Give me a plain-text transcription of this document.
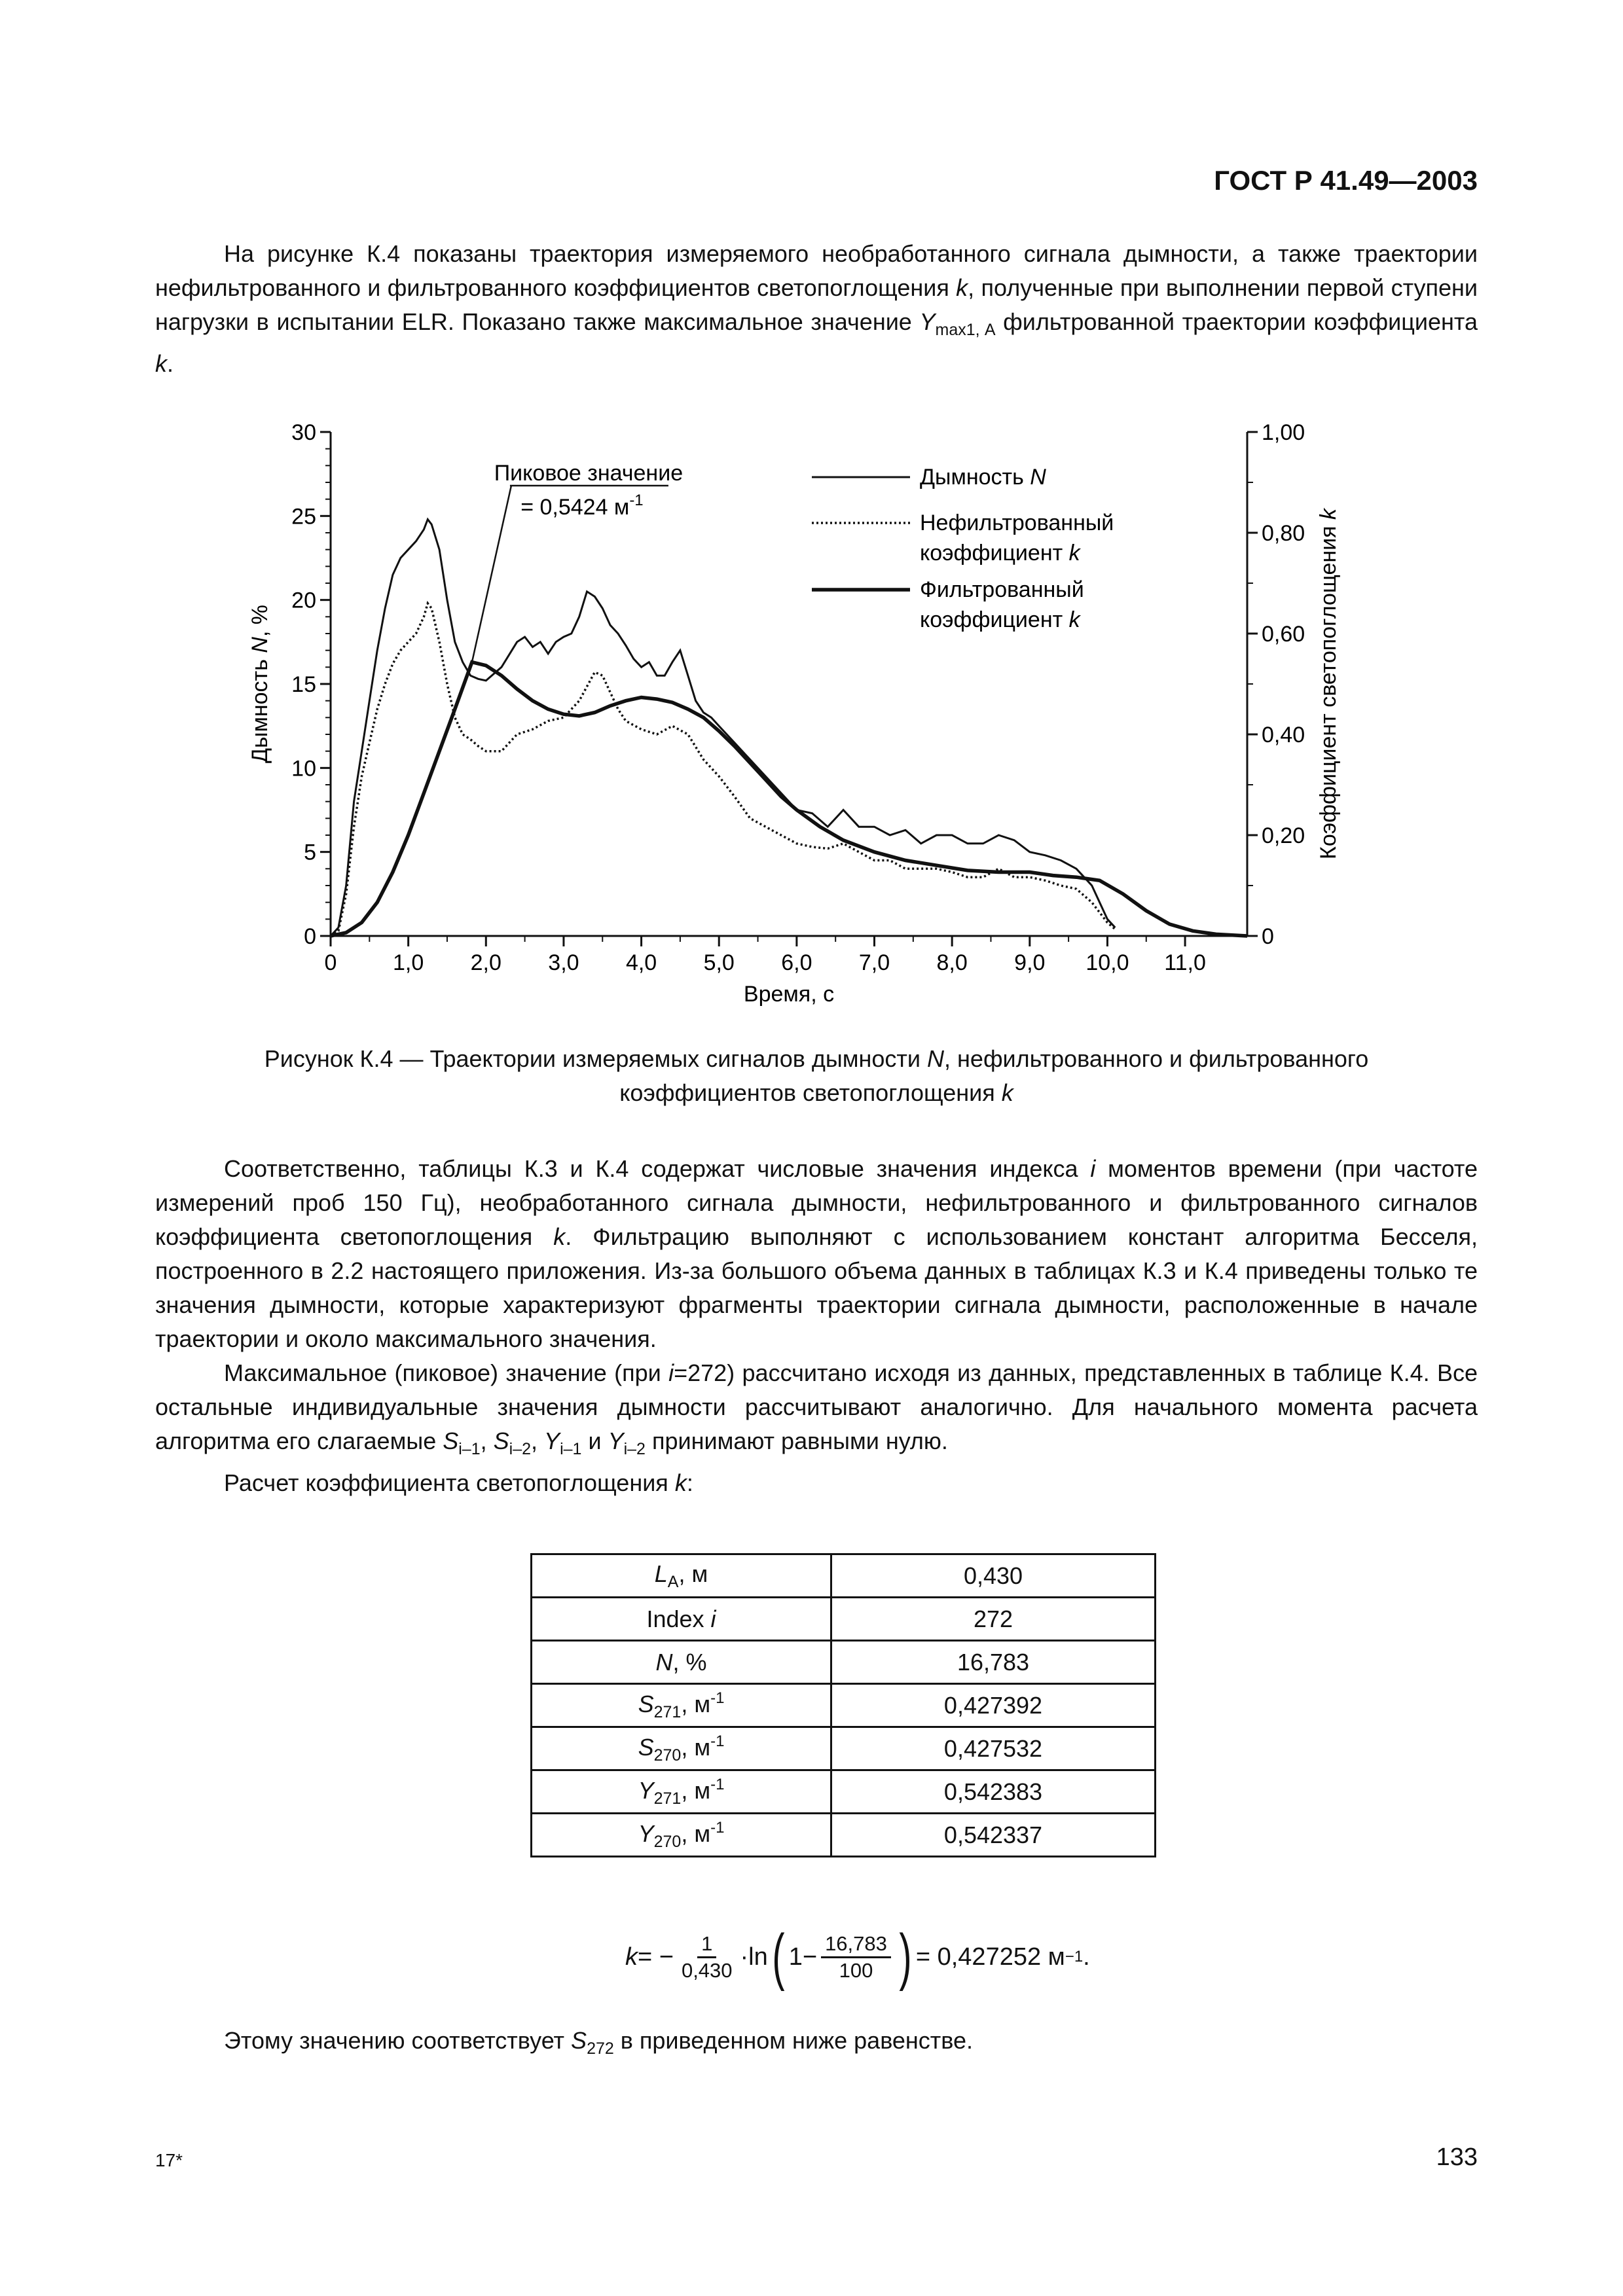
ГОСТ Р 41.49—2003

На рисунке К.4 показаны траектория измеряемого необработанного сигнала дымности, а также траектории нефильтрованного и фильтрованного коэффициентов светопоглощения k, полученные при выполнении первой ступени нагрузки в испытании ELR. Показано также максимальное значение $Y_{max1, A}$ фильтрованной траектории коэффициента k.

0	1,0 2,0 3,0 4,0 5,0 6,0 7,0 8,0 9,0 10,0 11,0
0
5
10
15
20
25
30
0
0,20
0,40
0,60
0,80
1,00
Время, с
Дымность N, %	Коэффициент светопоглощения k
Пиковое значение
= 0,5424 $м^{-1}$
Дымность N
Нефильтрованный
коэффициент k
Фильтрованный
коэффициент k
Рисунок К.4 — Траектории измеряемых сигналов дымности N, нефильтрованного и фильтрованного
коэффициентов светопоглощения k

Соответственно, таблицы К.3 и К.4 содержат числовые значения индекса i моментов времени (при частоте измерений проб 150 Гц), необработанного сигнала дымности, нефильтрованного и фильтрованного сигналов коэффициента светопоглощения k. Фильтрацию выполняют с использованием констант алгоритма Бесселя, построенного в 2.2 настоящего приложения. Из-за большого объема данных в таблицах К.3 и К.4 приведены только те значения дымности, которые характеризуют фрагменты траектории сигнала дымности, расположенные в начале траектории и около максимального значения.

Максимальное (пиковое) значение (при i=272) рассчитано исходя из данных, представленных в таблице К.4. Все остальные индивидуальные значения дымности рассчитывают аналогично. Для начального момента расчета алгоритма его слагаемые $S_{i-1}$, $S_{i-2}$, $Y_{i-1}$ и $Y_{i-2}$ принимают равными нулю.

Расчет коэффициента светопоглощения k:

$L_A$, м	0,430
Index i	272
N, %	16,783
$S_{271}$, $м^{-1}$	0,427392
$S_{270}$, $м^{-1}$	0,427532
$Y_{271}$, $м^{-1}$	0,542383
$Y_{270}$, $м^{-1}$	0,542337
k = − $\frac{1}{0,430} \cdot\ln$ ( $1- \frac{16,783}{100}$ ) = 0,427252 м −1 .

Этому значению соответствует $S_{272}$ в приведенном ниже равенстве.

17*	133
